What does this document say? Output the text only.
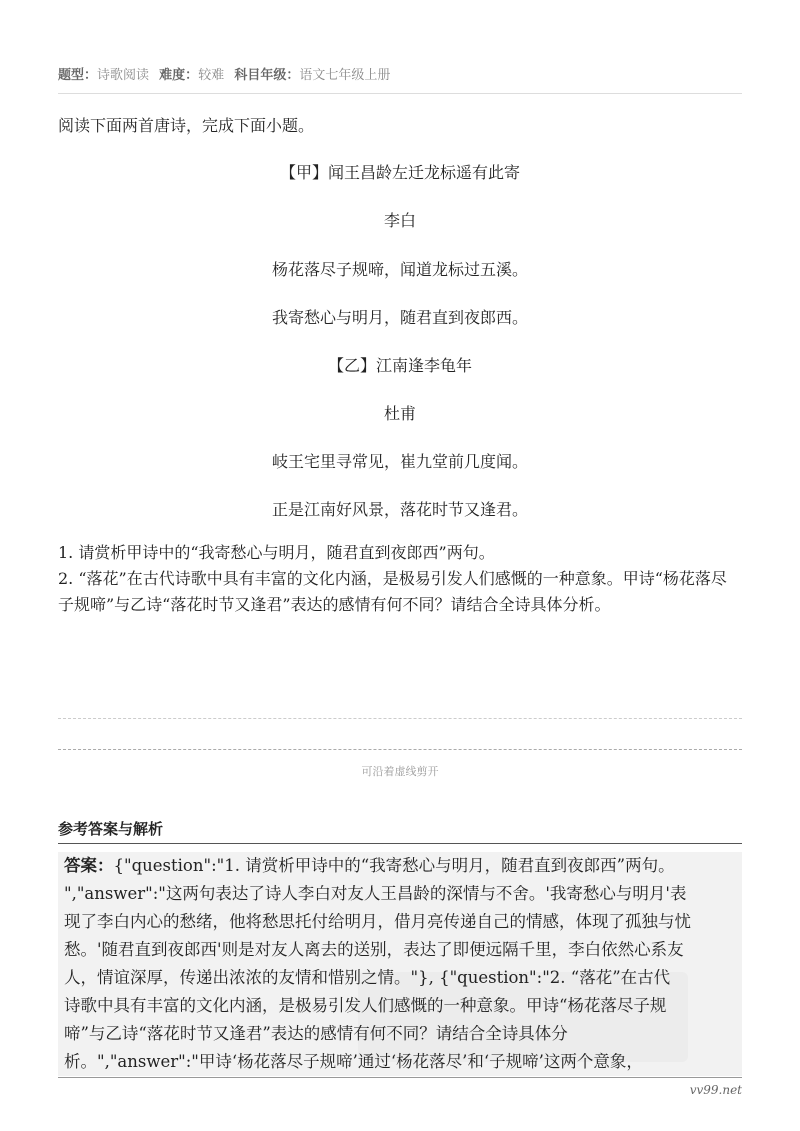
题型：诗歌阅读 难度：较难 科目年级：语文七年级上册
阅读下面两首唐诗，完成下面小题。
【甲】闻王昌龄左迁龙标遥有此寄
李白
杨花落尽子规啼，闻道龙标过五溪。
我寄愁心与明月，随君直到夜郎西。
【乙】江南逢李龟年
杜甫
岐王宅里寻常见，崔九堂前几度闻。
正是江南好风景，落花时节又逢君。
1. 请赏析甲诗中的“我寄愁心与明月，随君直到夜郎西”两句。
2. “落花”在古代诗歌中具有丰富的文化内涵，是极易引发人们感慨的一种意象。甲诗“杨花落尽子规啼”与乙诗“落花时节又逢君”表达的感情有何不同？请结合全诗具体分析。
可沿着虚线剪开
参考答案与解析
答案：{"question":"1. 请赏析甲诗中的“我寄愁心与明月，随君直到夜郎西”两句。
","answer":"这两句表达了诗人李白对友人王昌龄的深情与不舍。'我寄愁心与明月'表
现了李白内心的愁绪，他将愁思托付给明月，借月亮传递自己的情感，体现了孤独与忧
愁。'随君直到夜郎西'则是对友人离去的送别，表达了即便远隔千里，李白依然心系友
人，情谊深厚，传递出浓浓的友情和惜别之情。"}, {"question":"2. “落花”在古代
诗歌中具有丰富的文化内涵，是极易引发人们感慨的一种意象。甲诗“杨花落尽子规
啼”与乙诗“落花时节又逢君”表达的感情有何不同？请结合全诗具体分
析。","answer":"甲诗‘杨花落尽子规啼’通过‘杨花落尽’和‘子规啼’这两个意象，
vv99.net
